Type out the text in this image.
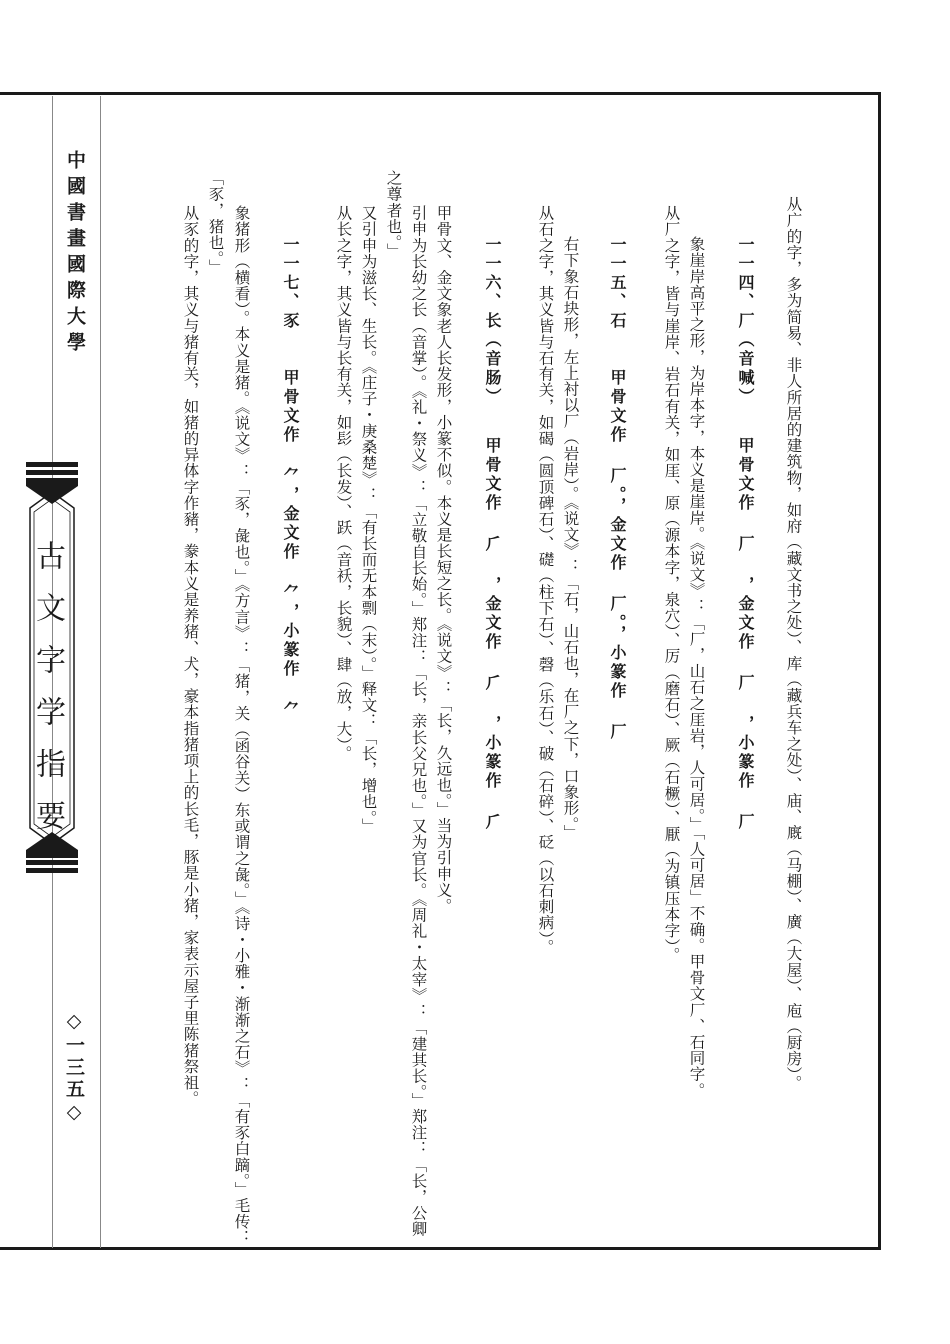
中國書畫國際大學
古文字学指要
◇一三五◇	从广的字，多为简易、非人所居的建筑物，如府（藏文书之处）、库（藏兵车之处）、庙、廐（马棚）、廣（大屋）、庖（厨房）。
一一四、厂（音喊）　　甲骨文作 ⼚ ，金文作 ⼚ ，小篆作 ⼚
象崖岸高平之形，为岸本字，本义是崖岸。《说文》：「厂，山石之厓岩，人可居。」「人可居」不确。甲骨文厂、石同字。
从厂之字，皆与崖岸、岩石有关，如厓、原（源本字，泉穴）、厉（磨石）、厥（石橛）、厭（为镇压本字）。
一一五、石　　甲骨文作 ⼚。，金文作 ⼚。，小篆作 ⼚
右下象石块形，左上衬以厂（岩岸）。《说文》：「石，山石也，在厂之下，口象形。」
从石之字，其义皆与石有关，如碣（圆顶碑石）、礎（柱下石）、磬（乐石）、破（石碎）、砭（以石刺病）。
一一六、长（音肠）　　甲骨文作 ⺁ ，金文作 ⺁ ，小篆作 ⺁
甲骨文、金文象老人长发形，小篆不似。本义是长短之长。《说文》：「长，久远也。」当为引申义。
引申为长幼之长（音掌）。《礼・祭义》：「立敬自长始。」郑注：「长，亲长父兄也。」又为官长。《周礼・太宰》：「建其长。」郑注：「长，公卿
之尊者也。」
又引申为滋长、生长。《庄子・庚桑楚》：「有长而无本剽（末）。」释文：「长，增也。」
从长之字，其义皆与长有关，如髟（长发）、跃（音袄，长貌）、肆（放，大）。
一一七、豕　　甲骨文作 ⺈，金文作 ⺈，小篆作 ⺈
象猪形（横看）。本义是猪。《说文》：「豕，彘也。」《方言》：「猪，关（函谷关）东或谓之彘。」《诗・小雅・渐渐之石》：「有豕白蹢。」毛传：
「豕，猪也。」
从豕的字，其义与猪有关，如猪的异体字作豬，豢本义是养猪、犬，豪本指猪项上的长毛，豚是小猪，家表示屋子里陈猪祭祖。
